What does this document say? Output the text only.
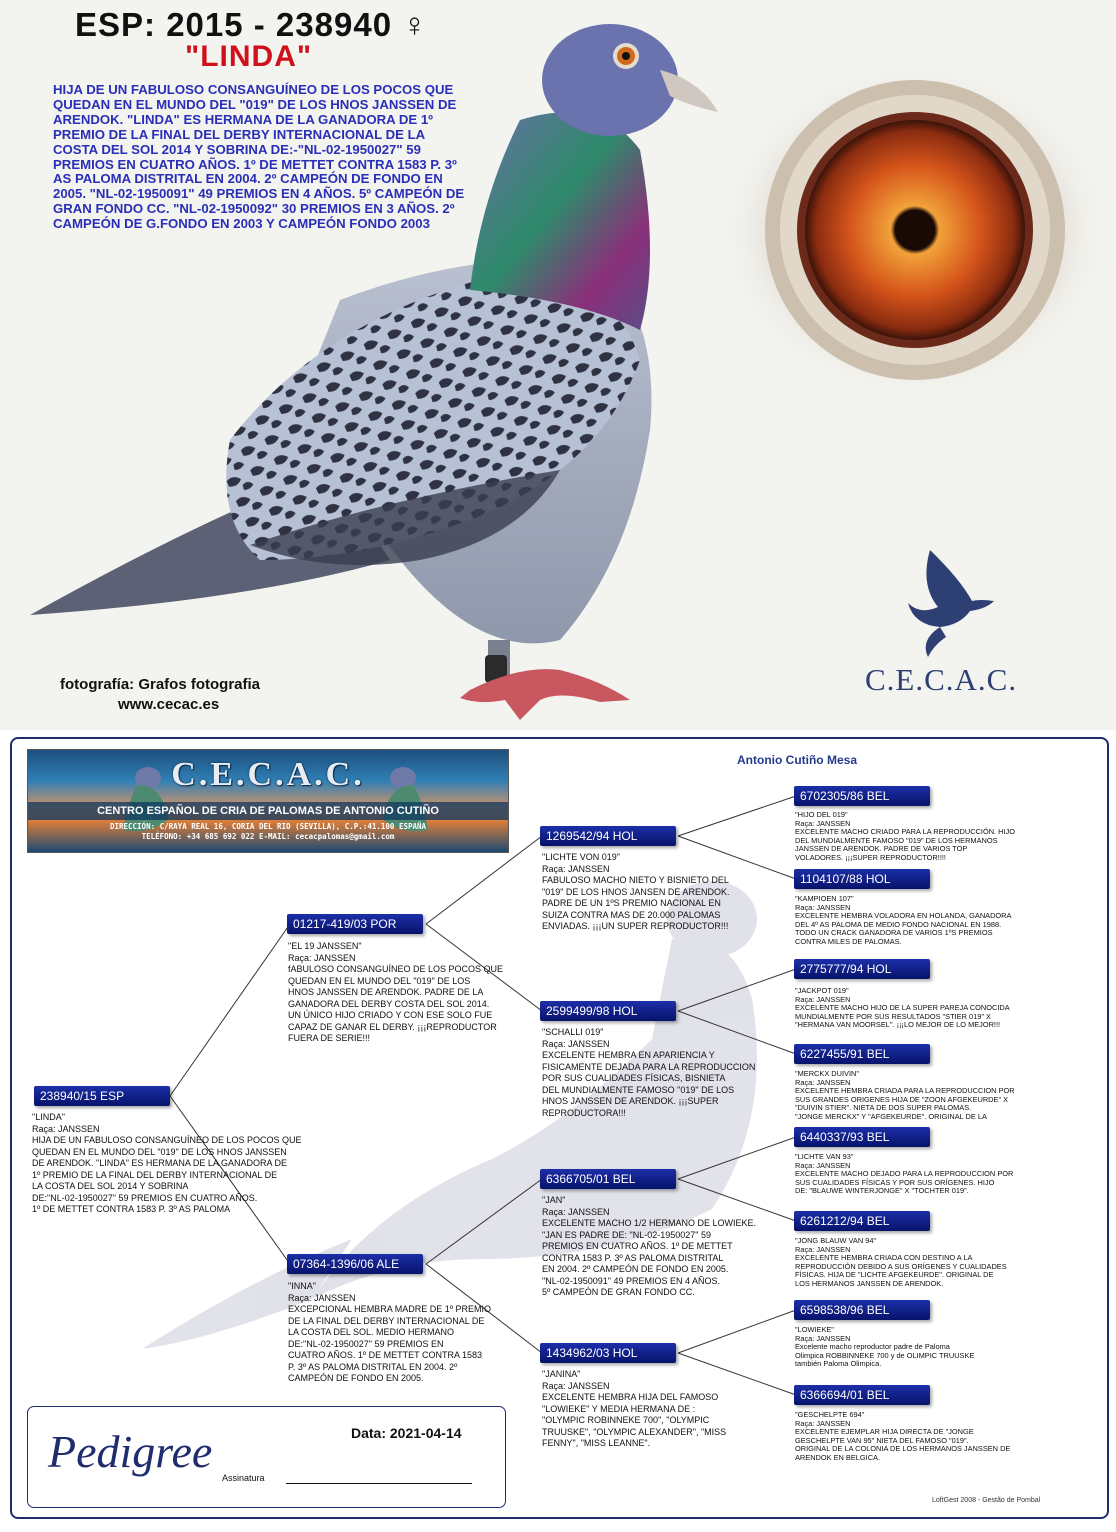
ESP: 2015 - 238940 ♀
"LINDA"
HIJA DE UN FABULOSO CONSANGUÍNEO DE LOS POCOS QUE QUEDAN EN EL MUNDO DEL "019" DE LOS HNOS JANSSEN DE ARENDOK. "LINDA" ES HERMANA DE LA GANADORA DE 1º PREMIO DE LA FINAL DEL DERBY INTERNACIONAL DE LA COSTA DEL SOL 2014 Y SOBRINA DE:-"NL-02-1950027" 59 PREMIOS EN CUATRO AÑOS. 1º DE METTET CONTRA 1583 P. 3º AS PALOMA DISTRITAL EN 2004. 2º CAMPEÓN DE FONDO EN 2005. "NL-02-1950091" 49 PREMIOS EN 4 AÑOS. 5º CAMPEÓN DE GRAN FONDO CC. "NL-02-1950092" 30 PREMIOS EN 3 AÑOS. 2º CAMPEÓN DE G.FONDO EN 2003 Y CAMPEÓN FONDO 2003
fotografía: Grafos fotografia
www.cecac.es
C.E.C.A.C.
Antonio Cutiño Mesa
C.E.C.A.C.
CENTRO ESPAÑOL DE CRIA DE PALOMAS DE ANTONIO CUTIÑO
DIRECCIÓN: C/RAYA REAL 16, CORIA DEL RIO (SEVILLA), C.P.:41.100 ESPAÑA
TELÉFONO: +34 685 692 022 E-MAIL: cecacpalomas@gmail.com
238940/15 ESP
"LINDA"
Raça: JANSSEN
HIJA DE UN FABULOSO CONSANGUÍNEO DE LOS POCOS QUE
QUEDAN EN EL MUNDO DEL "019" DE LOS HNOS JANSSEN
DE ARENDOK. "LINDA" ES HERMANA DE LA GANADORA DE
1º PREMIO DE LA FINAL DEL DERBY INTERNACIONAL DE
LA COSTA DEL SOL 2014 Y SOBRINA
DE:"NL-02-1950027" 59 PREMIOS EN CUATRO AÑOS.
1º DE METTET CONTRA 1583 P. 3º AS PALOMA
01217-419/03 POR
"EL 19 JANSSEN"
Raça: JANSSEN
fABULOSO CONSANGUÍNEO DE LOS POCOS QUE
QUEDAN EN EL MUNDO DEL "019" DE LOS
HNOS JANSSEN DE ARENDOK. PADRE DE LA
GANADORA DEL DERBY COSTA DEL SOL 2014.
UN ÚNICO HIJO CRIADO Y CON ESE SOLO FUE
CAPAZ DE GANAR EL DERBY. ¡¡¡REPRODUCTOR
FUERA DE SERIE!!!
07364-1396/06 ALE
"INNA"
Raça: JANSSEN
EXCEPCIONAL HEMBRA MADRE DE 1º PREMIO
DE LA FINAL DEL DERBY INTERNACIONAL DE
LA COSTA DEL SOL. MEDIO HERMANO
DE:"NL-02-1950027" 59 PREMIOS EN
CUATRO AÑOS. 1º DE METTET CONTRA 1583
P. 3º AS PALOMA DISTRITAL EN 2004. 2º
CAMPEÓN DE FONDO EN 2005.
1269542/94 HOL
"LICHTE VON 019"
Raça: JANSSEN
FABULOSO MACHO NIETO Y BISNIETO DEL
"019" DE LOS HNOS JANSEN DE ARENDOK.
PADRE DE UN 1ºS PREMIO NACIONAL EN
SUIZA CONTRA MAS DE 20.000 PALOMAS
ENVIADAS. ¡¡¡UN SUPER REPRODUCTOR!!!
2599499/98 HOL
"SCHALLI 019"
Raça: JANSSEN
EXCELENTE HEMBRA EN APARIENCIA Y
FISICAMENTE DEJADA PARA LA REPRODUCCION
POR SUS CUALIDADES FÍSICAS, BISNIETA
DEL MUNDIALMENTE FAMOSO "019" DE LOS
HNOS JANSSEN DE ARENDOK. ¡¡¡SUPER
REPRODUCTORA!!!
6366705/01 BEL
"JAN"
Raça: JANSSEN
EXCELENTE MACHO 1/2 HERMANO DE LOWIEKE.
"JAN ES PADRE DE: "NL-02-1950027" 59
PREMIOS EN CUATRO AÑOS. 1º DE METTET
CONTRA 1583 P. 3º AS PALOMA DISTRITAL
EN 2004. 2º CAMPEÓN DE FONDO EN 2005.
"NL-02-1950091" 49 PREMIOS EN 4 AÑOS.
5º CAMPEÓN DE GRAN FONDO CC.
1434962/03 HOL
"JANINA"
Raça: JANSSEN
EXCELENTE HEMBRA HIJA DEL FAMOSO
"LOWIEKE" Y MEDIA HERMANA DE :
"OLYMPIC ROBINNEKE 700", "OLYMPIC
TRUUSKE", "OLYMPIC ALEXANDER", "MISS
FENNY", "MISS LEANNE".
6702305/86 BEL
"HIJO DEL 019"
Raça: JANSSEN
EXCELENTE MACHO CRIADO PARA LA REPRODUCCIÓN. HIJO
DEL MUNDIALMENTE FAMOSO "019" DE LOS HERMANOS
JANSSEN DE ARENDOK. PADRE DE VARIOS TOP
VOLADORES. ¡¡¡SUPER REPRODUCTOR!!!!
1104107/88 HOL
"KAMPIOEN 107"
Raça: JANSSEN
EXCELENTE HEMBRA VOLADORA EN HOLANDA, GANADORA
DEL 4º AS PALOMA DE MEDIO FONDO NACIONAL EN 1988.
TODO UN CRACK GANADORA DE VARIOS 1ºS PREMIOS
CONTRA MILES DE PALOMAS.
2775777/94 HOL
"JACKPOT 019"
Raça: JANSSEN
EXCELENTE MACHO HIJO DE LA SUPER PAREJA CONOCIDA
MUNDIALMENTE POR SUS RESULTADOS "STIER 019" X
"HERMANA VAN MOORSEL". ¡¡¡LO MEJOR DE LO MEJOR!!!
6227455/91 BEL
"MERCKX DUIVIN"
Raça: JANSSEN
EXCELENTE HEMBRA CRIADA PARA LA REPRODUCCION POR
SUS GRANDES ORIGENES HIJA DE "ZOON AFGEKEURDE" X
"DUIVIN STIER". NIETA DE DOS SUPER PALOMAS.
"JONGE MERCKX" Y "AFGEKEURDE". ORIGINAL DE LA
6440337/93 BEL
"LICHTE VAN 93"
Raça: JANSSEN
EXCELENTE MACHO DEJADO PARA LA REPRODUCCION POR
SUS CUALIDADES FÍSICAS Y POR SUS ORÍGENES. HIJO
DE: "BLAUWE WINTERJONGE" X "TOCHTER 019".
6261212/94 BEL
"JONG BLAUW VAN 94"
Raça: JANSSEN
EXCELENTE HEMBRA CRIADA CON DESTINO A LA
REPRODUCCIÓN DEBIDO A SUS ORÍGENES Y CUALIDADES
FÍSICAS. HIJA DE "LICHTE AFGEKEURDE". ORIGINAL DE
LOS HERMANOS JANSSEN DE ARENDOK.
6598538/96 BEL
"LOWIEKE"
Raça: JANSSEN
Excelente macho reproductor padre de Paloma
Olimpica ROBBINNEKE 700 y de OLIMPIC TRUUSKE
también Paloma Olimpica.
6366694/01 BEL
"GESCHELPTE 694"
Raça: JANSSEN
EXCELENTE EJEMPLAR HIJA DIRECTA DE "JONGE
GESCHELPTE VAN 95" NIETA DEL FAMOSO "019".
ORIGINAL DE LA COLONIA DE LOS HERMANOS JANSSEN DE
ARENDOK EN BELGICA.
Pedigree	Data: 2021-04-14
Assinatura
LoftGest 2008 - Gestão de Pombal
